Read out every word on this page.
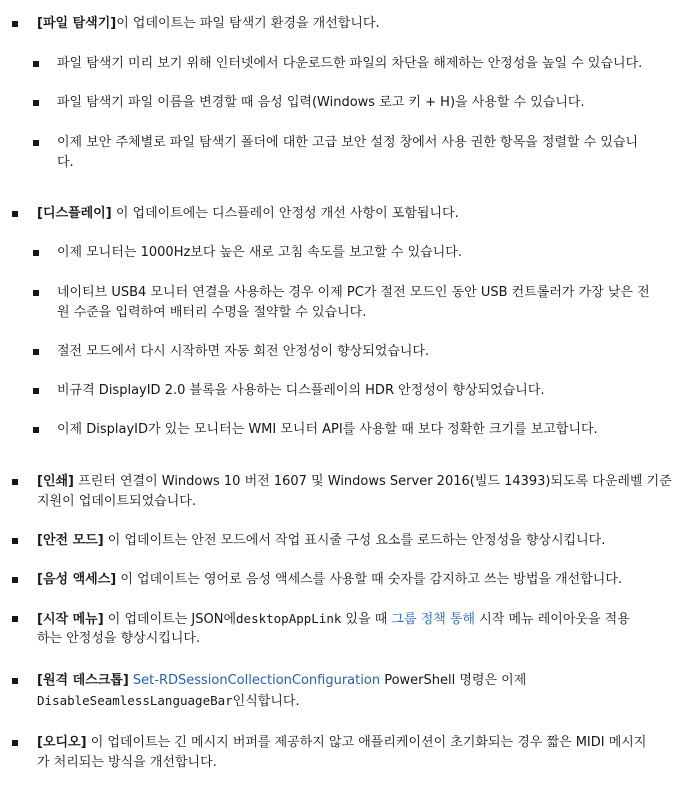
[파일 탐색기]이 업데이트는 파일 탐색기 환경을 개선합니다.
파일 탐색기 미리 보기 위해 인터넷에서 다운로드한 파일의 차단을 해제하는 안정성을 높일 수 있습니다.
파일 탐색기 파일 이름을 변경할 때 음성 입력(Windows 로고 키 + H)을 사용할 수 있습니다.
이제 보안 주체별로 파일 탐색기 폴더에 대한 고급 보안 설정 창에서 사용 권한 항목을 정렬할 수 있습니
다.
[디스플레이] 이 업데이트에는 디스플레이 안정성 개선 사항이 포함됩니다.
이제 모니터는 1000Hz보다 높은 새로 고침 속도를 보고할 수 있습니다.
네이티브 USB4 모니터 연결을 사용하는 경우 이제 PC가 절전 모드인 동안 USB 컨트롤러가 가장 낮은 전
원 수준을 입력하여 배터리 수명을 절약할 수 있습니다.
절전 모드에서 다시 시작하면 자동 회전 안정성이 향상되었습니다.
비규격 DisplayID 2.0 블록을 사용하는 디스플레이의 HDR 안정성이 향상되었습니다.
이제 DisplayID가 있는 모니터는 WMI 모니터 API를 사용할 때 보다 정확한 크기를 보고합니다.
[인쇄] 프린터 연결이 Windows 10 버전 1607 및 Windows Server 2016(빌드 14393)되도록 다운레벨 기준
지원이 업데이트되었습니다.
[안전 모드] 이 업데이트는 안전 모드에서 작업 표시줄 구성 요소를 로드하는 안정성을 향상시킵니다.
[음성 액세스] 이 업데이트는 영어로 음성 액세스를 사용할 때 숫자를 감지하고 쓰는 방법을 개선합니다.
[시작 메뉴] 이 업데이트는 JSON에desktopAppLink 있을 때 그룹 정책 통해 시작 메뉴 레이아웃을 적용
하는 안정성을 향상시킵니다.
[원격 데스크톱] Set-RDSessionCollectionConfiguration PowerShell 명령은 이제
DisableSeamlessLanguageBar인식합니다.
[오디오] 이 업데이트는 긴 메시지 버퍼를 제공하지 않고 애플리케이션이 초기화되는 경우 짧은 MIDI 메시지
가 처리되는 방식을 개선합니다.
